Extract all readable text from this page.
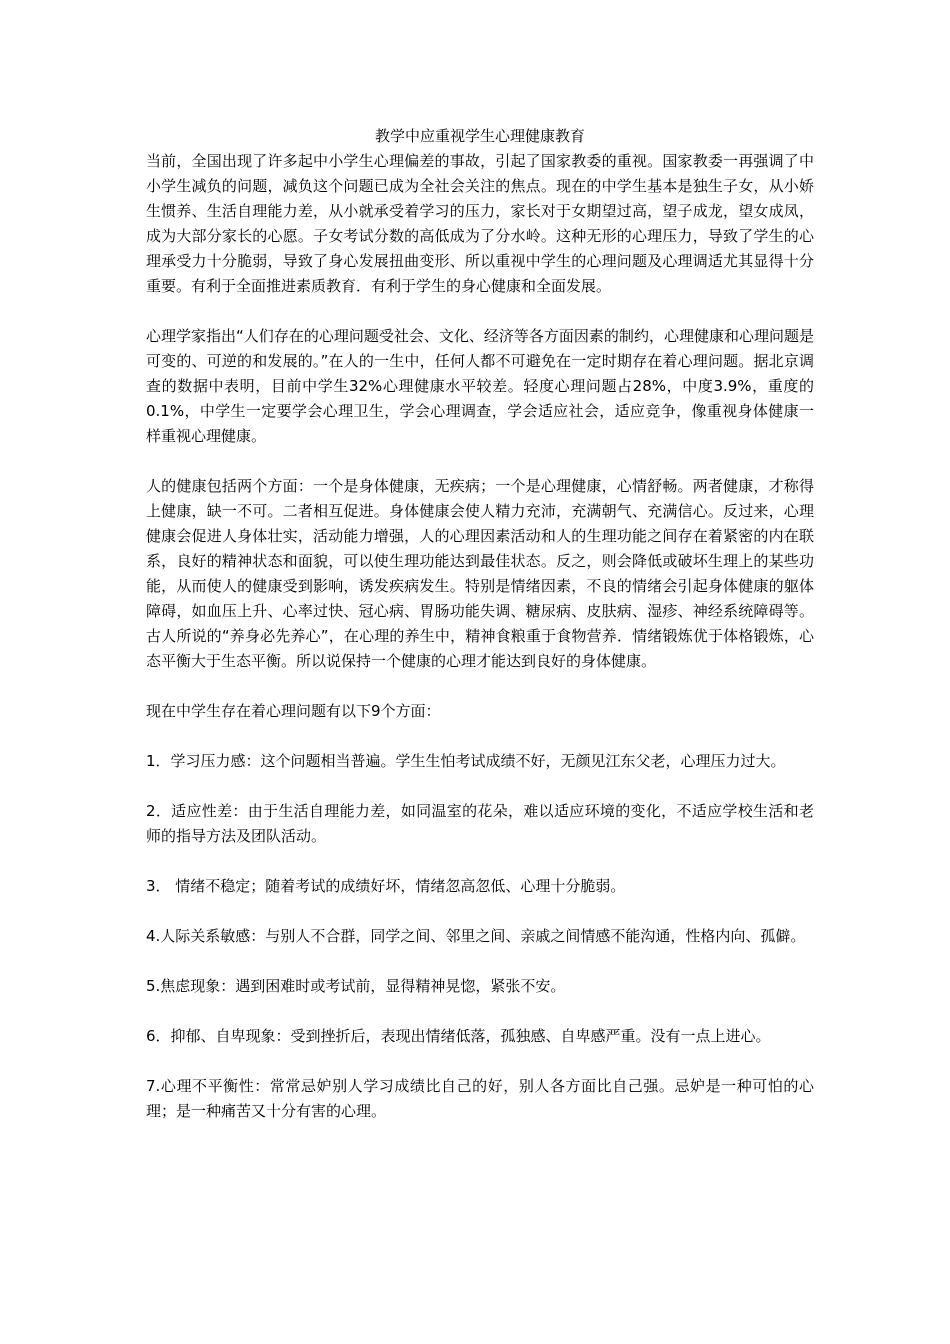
教学中应重视学生心理健康教育

当前，全国出现了许多起中小学生心理偏差的事故，引起了国家教委的重视。国家教委一再强调了中小学生减负的问题，减负这个问题已成为全社会关注的焦点。现在的中学生基本是独生子女，从小娇生惯养、生活自理能力差，从小就承受着学习的压力，家长对于女期望过高，望子成龙，望女成凤，成为大部分家长的心愿。子女考试分数的高低成为了分水岭。这种无形的心理压力，导致了学生的心理承受力十分脆弱，导致了身心发展扭曲变形、所以重视中学生的心理问题及心理调适尤其显得十分重要。有利于全面推进素质教育．有利于学生的身心健康和全面发展。

心理学家指出“人们存在的心理问题受社会、文化、经济等各方面因素的制约，心理健康和心理问题是可变的、可逆的和发展的。”在人的一生中，任何人都不可避免在一定时期存在着心理问题。据北京调查的数据中表明，目前中学生32%心理健康水平较差。轻度心理问题占28%，中度3.9%，重度的0.1%，中学生一定要学会心理卫生，学会心理调查，学会适应社会，适应竞争，像重视身体健康一样重视心理健康。

人的健康包括两个方面：一个是身体健康，无疾病；一个是心理健康，心情舒畅。两者健康，才称得上健康，缺一不可。二者相互促进。身体健康会使人精力充沛，充满朝气、充满信心。反过来，心理健康会促进人身体壮实，活动能力增强，人的心理因素活动和人的生理功能之间存在着紧密的内在联系，良好的精神状态和面貌，可以使生理功能达到最佳状态。反之，则会降低或破坏生理上的某些功能，从而使人的健康受到影响，诱发疾病发生。特别是情绪因素，不良的情绪会引起身体健康的躯体障碍，如血压上升、心率过快、冠心病、胃肠功能失调、糖尿病、皮肤病、湿疹、神经系统障碍等。古人所说的“养身必先养心”，在心理的养生中，精神食粮重于食物营养．情绪锻炼优于体格锻炼，心态平衡大于生态平衡。所以说保持一个健康的心理才能达到良好的身体健康。

现在中学生存在着心理问题有以下9个方面：

1．学习压力感：这个问题相当普遍。学生生怕考试成绩不好，无颜见江东父老，心理压力过大。

2．适应性差：由于生活自理能力差，如同温室的花朵，难以适应环境的变化，不适应学校生活和老师的指导方法及团队活动。

3． 情绪不稳定；随着考试的成绩好坏，情绪忽高忽低、心理十分脆弱。

4.人际关系敏感：与别人不合群，同学之间、邻里之间、亲戚之间情感不能沟通，性格内向、孤僻。

5.焦虑现象：遇到困难时或考试前，显得精神晃惚，紧张不安。

6．抑郁、自卑现象：受到挫折后，表现出情绪低落，孤独感、自卑感严重。没有一点上进心。

7.心理不平衡性：常常忌妒别人学习成绩比自己的好，别人各方面比自己强。忌妒是一种可怕的心理；是一种痛苦又十分有害的心理。
